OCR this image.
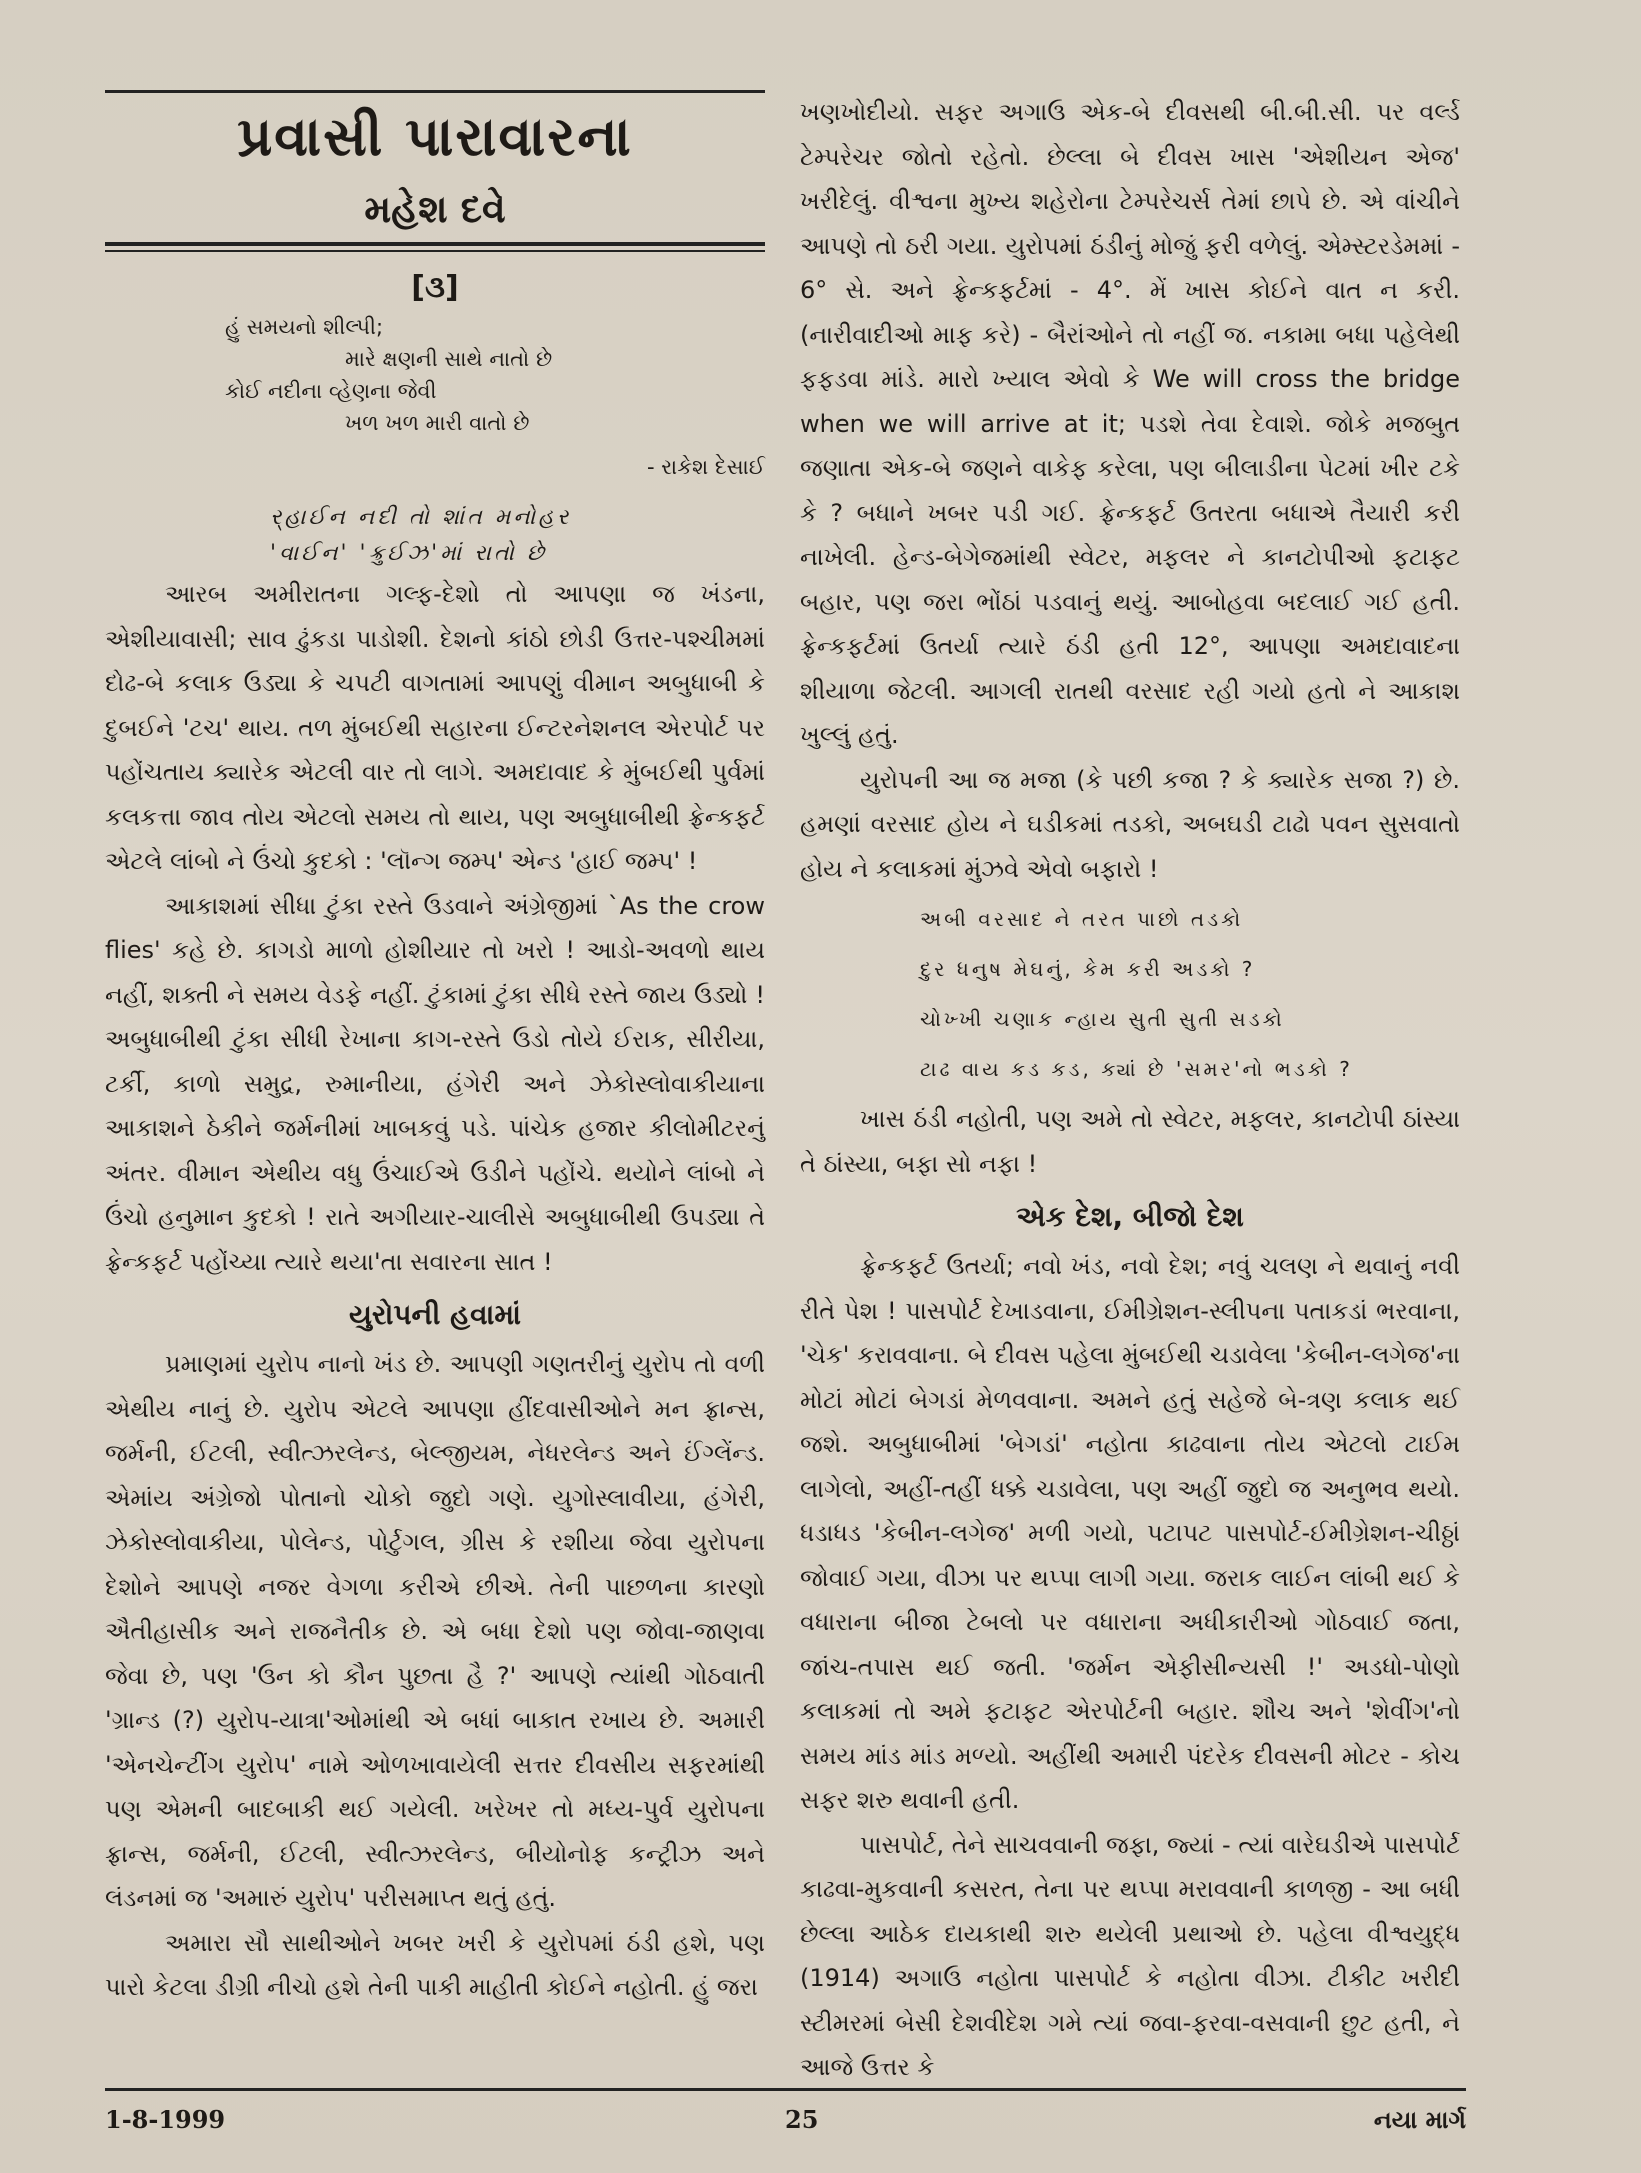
પ્રવાસી પારાવારના
મહેશ દવે
[૩]
હું સમયનો શીલ્પી;
મારે ક્ષણની સાથે નાતો છે
કોઈ નદીના વ્હેણના જેવી
ખળ ખળ મારી વાતો છે
- રાકેશ દેસાઈ
ર્‌હાઈન નદી તો શાંત મનોહર
'વાઈન' 'ક્રુઈઝ'માં રાતો છે

આરબ અમીરાતના ગલ્ફ-દેશો તો આપણા જ ખંડના, એશીયાવાસી; સાવ ઢુંકડા પાડોશી. દેશનો કાંઠો છોડી ઉત્તર-પશ્ચીમમાં દોઢ-બે કલાક ઉડ્યા કે ચપટી વાગતામાં આપણું વીમાન અબુધાબી કે દુબઈને 'ટચ' થાય. તળ મુંબઈથી સહારના ઈન્ટરનેશનલ એરપોર્ટ પર પહોંચતાય ક્યારેક એટલી વાર તો લાગે. અમદાવાદ કે મુંબઈથી પુર્વમાં કલકત્તા જાવ તોય એટલો સમય તો થાય, પણ અબુધાબીથી ફ્રેન્કફર્ટ એટલે લાંબો ને ઉંચો કુદકો : 'લૉન્ગ જમ્પ' એન્ડ 'હાઈ જમ્પ' !

આકાશમાં સીધા ટુંકા રસ્તે ઉડવાને અંગ્રેજીમાં `As the crow flies' કહે છે. કાગડો માળો હોશીયાર તો ખરો ! આડો-અવળો થાય નહીં, શક્તી ને સમય વેડફે નહીં. ટુંકામાં ટુંકા સીધે રસ્તે જાય ઉડ્યો ! અબુધાબીથી ટુંકા સીધી રેખાના કાગ-રસ્તે ઉડો તોયે ઈરાક, સીરીયા, ટર્કી, કાળો સમુદ્ર, રુમાનીયા, હંગેરી અને ઝેકોસ્લોવાકીયાના આકાશને ઠેકીને જર્મનીમાં ખાબકવું પડે. પાંચેક હજાર કીલોમીટરનું અંતર. વીમાન એથીય વધુ ઉંચાઈએ ઉડીને પહોંચે. થયોને લાંબો ને ઉંચો હનુમાન કુદકો ! રાતે અગીયાર-ચાલીસે અબુધાબીથી ઉપડ્યા તે ફ્રેન્કફર્ટ પહોંચ્યા ત્યારે થયા'તા સવારના સાત !

યુરોપની હવામાં

પ્રમાણમાં યુરોપ નાનો ખંડ છે. આપણી ગણતરીનું યુરોપ તો વળી એથીય નાનું છે. યુરોપ એટલે આપણા હીંદવાસીઓને મન ફ્રાન્સ, જર્મની, ઈટલી, સ્વીત્ઝરલેન્ડ, બેલ્જીયમ, નેધરલેન્ડ અને ઈંગ્લેંન્ડ. એમાંય અંગ્રેજો પોતાનો ચોકો જુદો ગણે. યુગોસ્લાવીયા, હંગેરી, ઝેકોસ્લોવાકીયા, પોલેન્ડ, પોર્ટુગલ, ગ્રીસ કે રશીયા જેવા યુરોપના દેશોને આપણે નજર વેગળા કરીએ છીએ. તેની પાછળના કારણો ઐતીહાસીક અને રાજનૈતીક છે. એ બધા દેશો પણ જોવા-જાણવા જેવા છે, પણ 'ઉન કો કૌન પુછતા હૈ ?' આપણે ત્યાંથી ગોઠવાતી 'ગ્રાન્ડ (?) યુરોપ-યાત્રા'ઓમાંથી એ બધાં બાકાત રખાય છે. અમારી 'એનચેન્ટીંગ યુરોપ' નામે ઓળખાવાયેલી સત્તર દીવસીય સફરમાંથી પણ એમની બાદબાકી થઈ ગયેલી. ખરેખર તો મધ્ય-પુર્વ યુરોપના ફ્રાન્સ, જર્મની, ઈટલી, સ્વીત્ઝરલેન્ડ, બીયોનોફ કન્ટ્રીઝ અને લંડનમાં જ 'અમારું યુરોપ' પરીસમાપ્ત થતું હતું.

અમારા સૌ સાથીઓને ખબર ખરી કે યુરોપમાં ઠંડી હશે, પણ પારો કેટલા ડીગ્રી નીચો હશે તેની પાકી માહીતી કોઈને નહોતી. હું જરા

ખણખોદીયો. સફર અગાઉ એક-બે દીવસથી બી.બી.સી. પર વર્લ્ડ ટેમ્પરેચર જોતો રહેતો. છેલ્લા બે દીવસ ખાસ 'એશીયન એજ' ખરીદેલું. વીશ્વના મુખ્ય શહેરોના ટેમ્પરેચર્સ તેમાં છાપે છે. એ વાંચીને આપણે તો ઠરી ગયા. યુરોપમાં ઠંડીનું મોજું ફરી વળેલું. એમ્સ્ટરડેમમાં - 6° સે. અને ફ્રેન્કફર્ટમાં - 4°. મેં ખાસ કોઈને વાત ન કરી. (નારીવાદીઓ માફ કરે) - બૈરાંઓને તો નહીં જ. નકામા બધા પહેલેથી ફફડવા માંડે. મારો ખ્યાલ એવો કે We will cross the bridge when we will arrive at it; પડશે તેવા દેવાશે. જોકે મજબુત જણાતા એક-બે જણને વાકેફ કરેલા, પણ બીલાડીના પેટમાં ખીર ટકે કે ? બધાને ખબર પડી ગઈ. ફ્રેન્કફર્ટ ઉતરતા બધાએ તૈયારી કરી નાખેલી. હેન્ડ-બેગેજમાંથી સ્વેટર, મફલર ને કાનટોપીઓ ફટાફટ બહાર, પણ જરા ભોંઠાં પડવાનું થયું. આબોહવા બદલાઈ ગઈ હતી. ફ્રેન્કફર્ટમાં ઉતર્યા ત્યારે ઠંડી હતી 12°, આપણા અમદાવાદના શીયાળા જેટલી. આગલી રાતથી વરસાદ રહી ગયો હતો ને આકાશ ખુલ્લું હતું.

યુરોપની આ જ મજા (કે પછી કજા ? કે ક્યારેક સજા ?) છે. હમણાં વરસાદ હોય ને ઘડીકમાં તડકો, અબઘડી ટાઢો પવન સુસવાતો હોય ને કલાકમાં મુંઝવે એવો બફારો !

અબી વરસાદ ને તરત પાછો તડકો
દુર ધનુષ મેઘનું, કેમ કરી અડકો ?
ચોખ્ખી ચણાક ન્હાય સુતી સુતી સડકો
ટાઢ વાય કડ કડ, ક્યાં છે 'સમર'નો ભડકો ?

ખાસ ઠંડી નહોતી, પણ અમે તો સ્વેટર, મફલર, કાનટોપી ઠાંસ્યા તે ઠાંસ્યા, બફા સો નફા !

એક દેશ, બીજો દેશ

ફ્રેન્કફર્ટ ઉતર્યા; નવો ખંડ, નવો દેશ; નવું ચલણ ને થવાનું નવી રીતે પેશ ! પાસપોર્ટ દેખાડવાના, ઈમીગ્રેશન-સ્લીપના પતાકડાં ભરવાના, 'ચેક' કરાવવાના. બે દીવસ પહેલા મુંબઈથી ચડાવેલા 'કેબીન-લગેજ'ના મોટાં મોટાં બેગડાં મેળવવાના. અમને હતું સહેજે બે-ત્રણ કલાક થઈ જશે. અબુધાબીમાં 'બેગડાં' નહોતા કાઢવાના તોય એટલો ટાઈમ લાગેલો, અહીં-તહીં ધક્કે ચડાવેલા, પણ અહીં જુદો જ અનુભવ થયો. ધડાધડ 'કેબીન-લગેજ' મળી ગયો, પટાપટ પાસપોર્ટ-ઈમીગ્રેશન-ચીઠ્ઠાં જોવાઈ ગયા, વીઝા પર થપ્પા લાગી ગયા. જરાક લાઈન લાંબી થઈ કે વધારાના બીજા ટેબલો પર વધારાના અધીકારીઓ ગોઠવાઈ જતા, જાંચ-તપાસ થઈ જતી. 'જર્મન એફીસીન્યસી !' અડધો-પોણો કલાકમાં તો અમે ફટાફટ એરપોર્ટની બહાર. શૌચ અને 'શેવીંગ'નો સમય માંડ માંડ મળ્યો. અહીંથી અમારી પંદરેક દીવસની મોટર - કોચ સફર શરુ થવાની હતી.

પાસપોર્ટ, તેને સાચવવાની જફા, જ્યાં - ત્યાં વારેઘડીએ પાસપોર્ટ કાઢવા-મુકવાની કસરત, તેના પર થપ્પા મરાવવાની કાળજી - આ બધી છેલ્લા આઠેક દાયકાથી શરુ થયેલી પ્રથાઓ છે. પહેલા વીશ્વયુદ્ધ (1914) અગાઉ નહોતા પાસપોર્ટ કે નહોતા વીઝા. ટીકીટ ખરીદી સ્ટીમરમાં બેસી દેશવીદેશ ગમે ત્યાં જવા-ફરવા-વસવાની છુટ હતી, ને આજે ઉત્તર કે

1-8-1999	25	નયા માર્ગ
